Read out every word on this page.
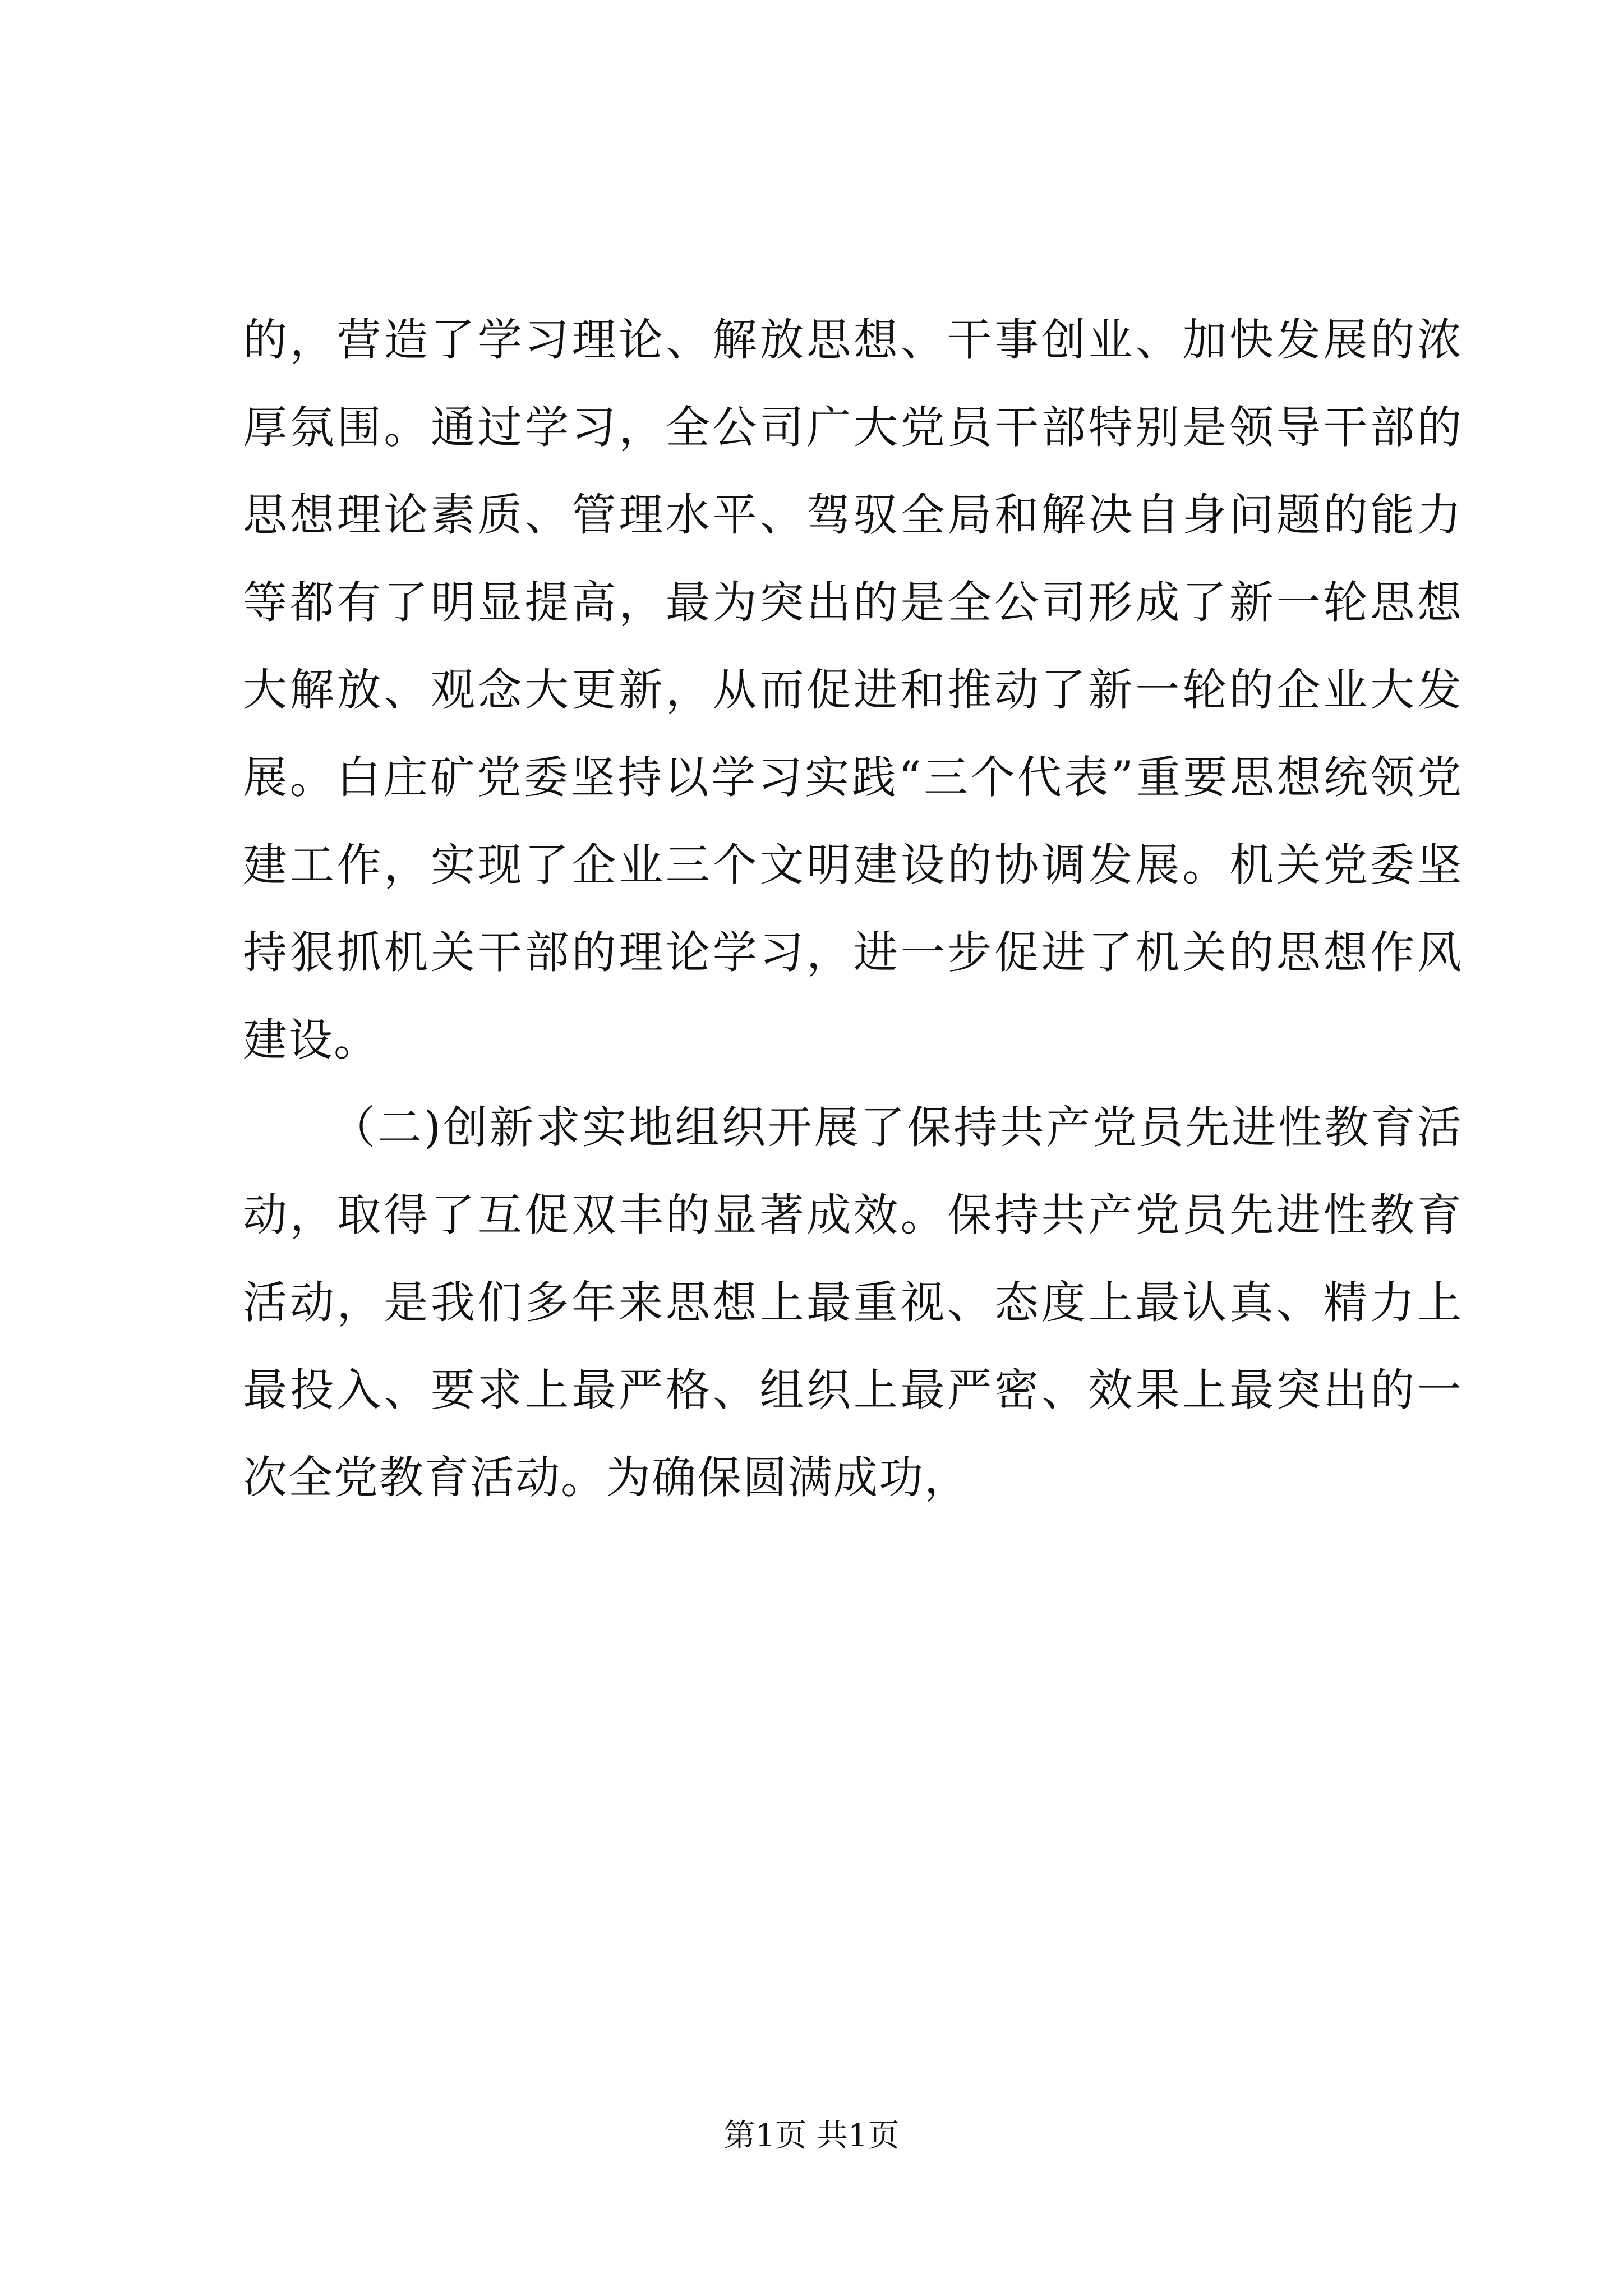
的，营造了学习理论、解放思想、干事创业、加快发展的浓厚氛围。通过学习，全公司广大党员干部特别是领导干部的思想理论素质、管理水平、驾驭全局和解决自身问题的能力等都有了明显提高，最为突出的是全公司形成了新一轮思想大解放、观念大更新，从而促进和推动了新一轮的企业大发展。白庄矿党委坚持以学习实践“三个代表”重要思想统领党建工作，实现了企业三个文明建设的协调发展。机关党委坚持狠抓机关干部的理论学习，进一步促进了机关的思想作风建设。

（二)创新求实地组织开展了保持共产党员先进性教育活动，取得了互促双丰的显著成效。保持共产党员先进性教育活动，是我们多年来思想上最重视、态度上最认真、精力上最投入、要求上最严格、组织上最严密、效果上最突出的一次全党教育活动。为确保圆满成功，

第1页 共1页
